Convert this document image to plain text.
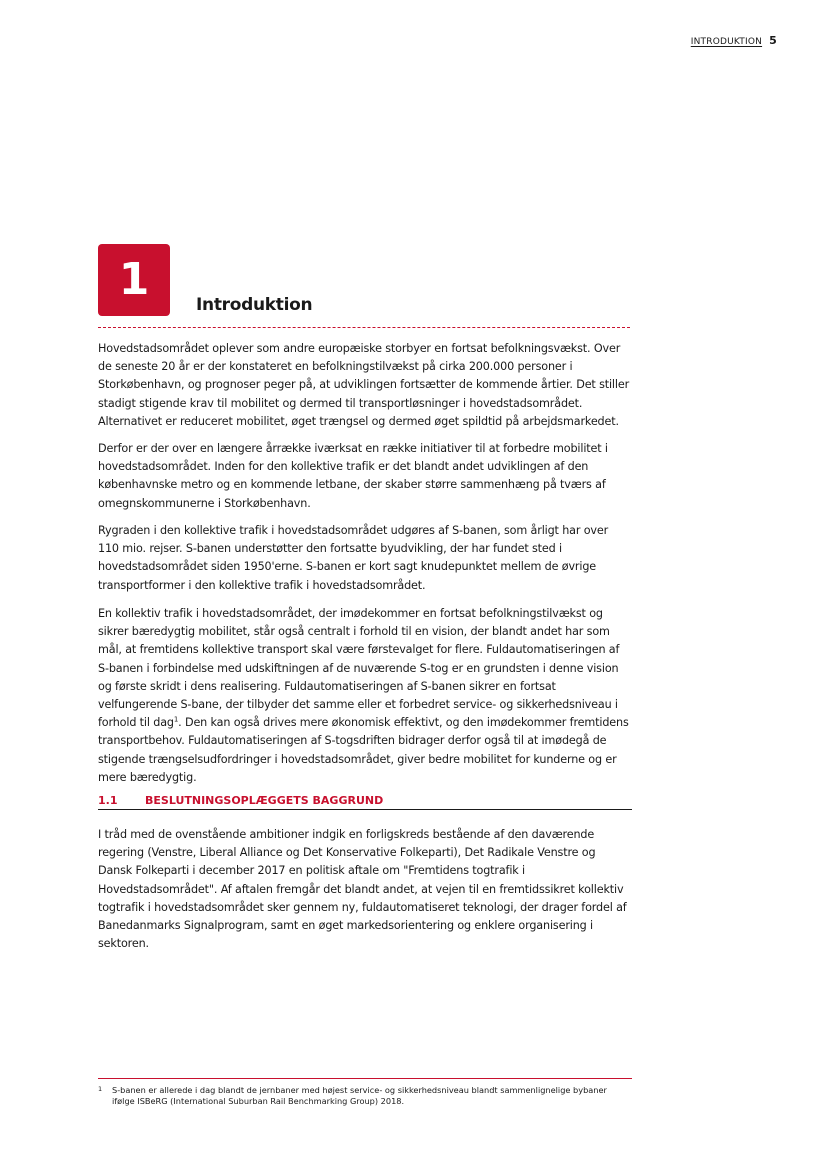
INTRODUKTION 5
1	Introduktion

Hovedstadsområdet oplever som andre europæiske storbyer en fortsat befolkningsvækst. Over de seneste 20 år er der konstateret en befolkningstilvækst på cirka 200.000 personer i Storkøbenhavn, og prognoser peger på, at udviklingen fortsætter de kommende årtier. Det stiller stadigt stigende krav til mobilitet og dermed til transportløsninger i hovedstadsområdet. Alternativet er reduceret mobilitet, øget trængsel og dermed øget spildtid på arbejdsmarkedet.

Derfor er der over en længere årrække iværksat en række initiativer til at forbedre mobilitet i hovedstadsområdet. Inden for den kollektive trafik er det blandt andet udviklingen af den københavnske metro og en kommende letbane, der skaber større sammenhæng på tværs af omegnskommunerne i Storkøbenhavn.

Rygraden i den kollektive trafik i hovedstadsområdet udgøres af S-banen, som årligt har over 110 mio. rejser. S-banen understøtter den fortsatte byudvikling, der har fundet sted i hovedstadsområdet siden 1950'erne. S-banen er kort sagt knudepunktet mellem de øvrige transportformer i den kollektive trafik i hovedstadsområdet.

En kollektiv trafik i hovedstadsområdet, der imødekommer en fortsat befolkningstilvækst og sikrer bæredygtig mobilitet, står også centralt i forhold til en vision, der blandt andet har som mål, at fremtidens kollektive transport skal være førstevalget for flere. Fuldautomatiseringen af S-banen i forbindelse med udskiftningen af de nuværende S-tog er en grundsten i denne vision og første skridt i dens realisering. Fuldautomatiseringen af S-banen sikrer en fortsat velfungerende S-bane, der tilbyder det samme eller et forbedret service- og sikkerhedsniveau i forhold til dag$^1$. Den kan også drives mere økonomisk effektivt, og den imødekommer fremtidens transportbehov. Fuldautomatiseringen af S-togsdriften bidrager derfor også til at imødegå de stigende trængselsudfordringer i hovedstadsområdet, giver bedre mobilitet for kunderne og er mere bæredygtig.

1.1	BESLUTNINGSOPLÆGGETS BAGGRUND

I tråd med de ovenstående ambitioner indgik en forligskreds bestående af den daværende regering (Venstre, Liberal Alliance og Det Konservative Folkeparti), Det Radikale Venstre og Dansk Folkeparti i december 2017 en politisk aftale om "Fremtidens togtrafik i Hovedstadsområdet". Af aftalen fremgår det blandt andet, at vejen til en fremtidssikret kollektiv togtrafik i hovedstadsområdet sker gennem ny, fuldautomatiseret teknologi, der drager fordel af Banedanmarks Signalprogram, samt en øget markedsorientering og enklere organisering i sektoren.

1	S-banen er allerede i dag blandt de jernbaner med højest service- og sikkerhedsniveau blandt sammenlignelige bybaner ifølge ISBeRG (International Suburban Rail Benchmarking Group) 2018.
